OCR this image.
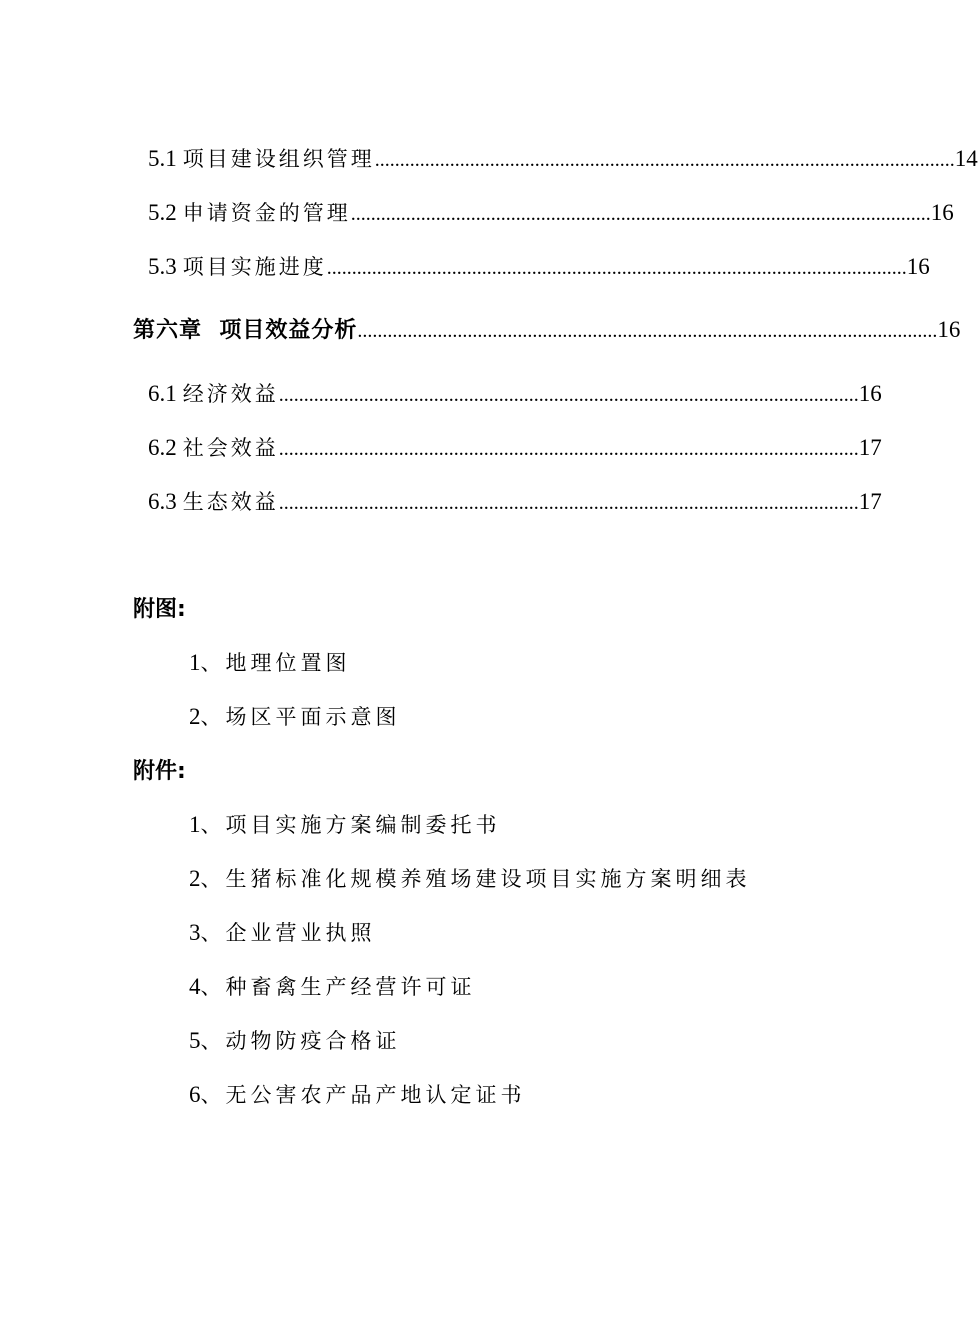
5.1 项目建设组织管理 .................................................................................................................... 14
5.2 申请资金的管理 .................................................................................................................... 16
5.3 项目实施进度 .................................................................................................................... 16
第六章  项目效益分析 .................................................................................................................... 16
6.1 经济效益 .................................................................................................................... 16
6.2 社会效益 .................................................................................................................... 17
6.3 生态效益 .................................................................................................................... 17
附图:
1、地理位置图
2、场区平面示意图
附件:
1、项目实施方案编制委托书
2、生猪标准化规模养殖场建设项目实施方案明细表
3、企业营业执照
4、种畜禽生产经营许可证
5、动物防疫合格证
6、无公害农产品产地认定证书
